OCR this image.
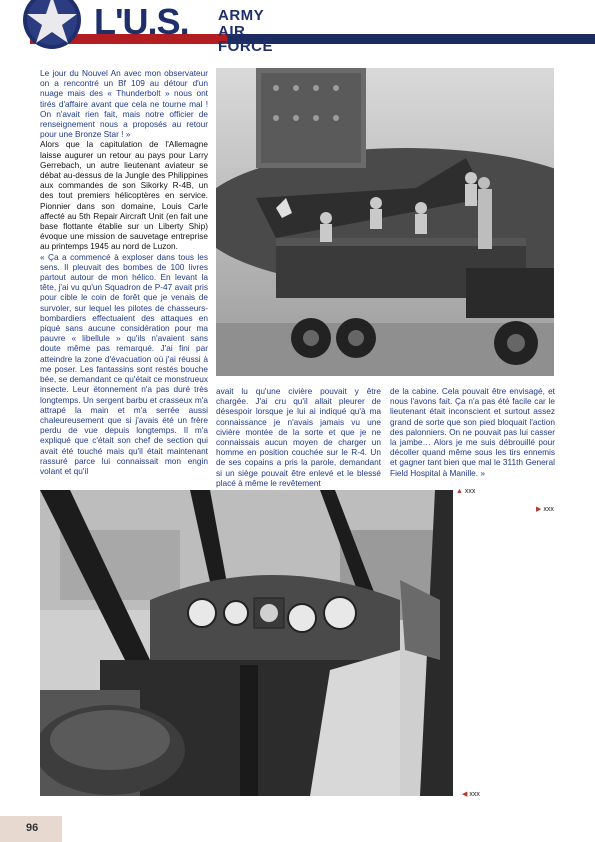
L'U.S. ARMY
AIR FORCE

Le jour du Nouvel An avec mon observateur on a rencontré un Bf 109 au détour d'un nuage mais des « Thunderbolt » nous ont tirés d'affaire avant que cela ne tourne mal ! On n'avait rien fait, mais notre officier de renseignement nous a proposés au retour pour une Bronze Star ! »

Alors que la capitulation de l'Allemagne laisse augurer un retour au pays pour Larry Gerrebach, un autre lieutenant aviateur se débat au-dessus de la Jungle des Philippines aux commandes de son Sikorky R-4B, un des tout premiers hélicoptères en service. Pionnier dans son domaine, Louis Carle affecté au 5th Repair Aircraft Unit (en fait une base flottante établie sur un Liberty Ship) évoque une mission de sauvetage entreprise au printemps 1945 au nord de Luzon.

« Ça a commencé à exploser dans tous les sens. Il pleuvait des bombes de 100 livres partout autour de mon hélico. En levant la tête, j'ai vu qu'un Squadron de P-47 avait pris pour cible le coin de forêt que je venais de survoler, sur lequel les pilotes de chasseurs-bombardiers effectuaient des attaques en piqué sans aucune considération pour ma pauvre « libellule » qu'ils n'avaient sans doute même pas remarqué. J'ai fini par atteindre la zone d'évacuation où j'ai réussi à me poser. Les fantassins sont restés bouche bée, se demandant ce qu'était ce monstrueux insecte. Leur étonnement n'a pas duré très longtemps. Un sergent barbu et crasseux m'a attrapé la main et m'a serrée aussi chaleureusement que si j'avais été un frère perdu de vue depuis longtemps. Il m'a expliqué que c'était son chef de section qui avait été touché mais qu'il était maintenant rassuré parce lui connaissait mon engin volant et qu'il

avait lu qu'une civière pouvait y être chargée. J'ai cru qu'il allait pleurer de désespoir lorsque je lui ai indiqué qu'à ma connaissance je n'avais jamais vu une civière montée de la sorte et que je ne connaissais aucun moyen de charger un homme en position couchée sur le R-4. Un de ses copains a pris la parole, demandant si un siège pouvait être enlevé et le blessé placé à même le revêtement

de la cabine. Cela pouvait être envisagé, et nous l'avons fait. Ça n'a pas été facile car le lieutenant était inconscient et surtout assez grand de sorte que son pied bloquait l'action des palonniers. On ne pouvait pas lui casser la jambe… Alors je me suis débrouillé pour décoller quand même sous les tirs ennemis et gagner tant bien que mal le 311th General Field Hospital à Manille. »

▲ xxx
▶ xxx
◀ xxx
96
